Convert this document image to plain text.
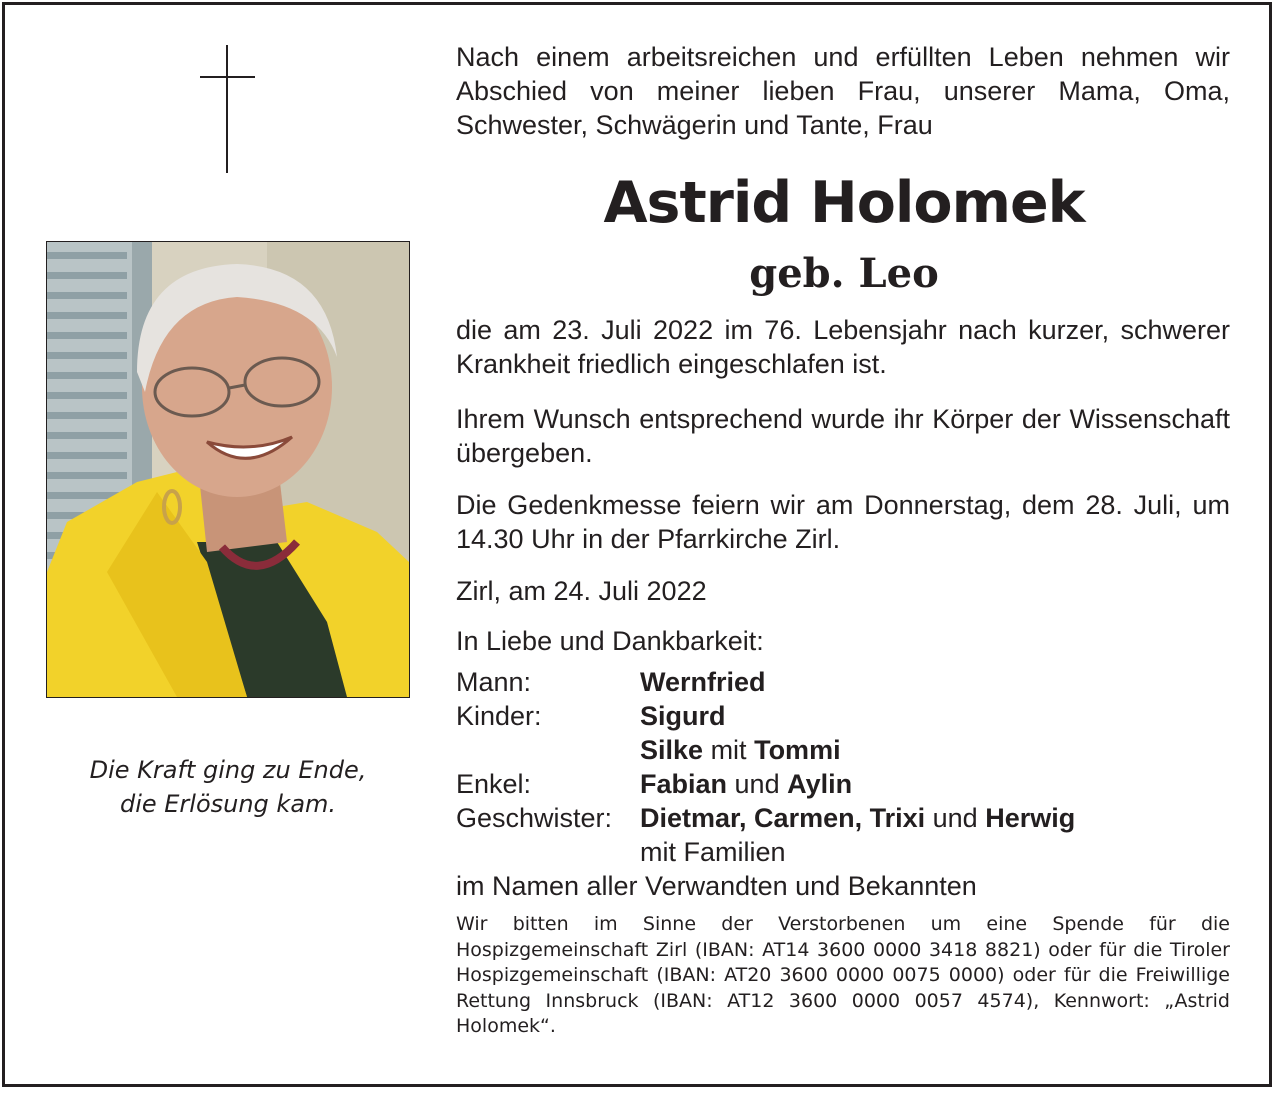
Die Kraft ging zu Ende,
die Erlösung kam.
Nach einem arbeitsreichen und erfüllten Leben nehmen wir Abschied von meiner lieben Frau, unserer Mama, Oma, Schwester, Schwägerin und Tante, Frau
Astrid Holomek
geb. Leo
die am 23. Juli 2022 im 76. Lebensjahr nach kurzer, schwerer Krankheit friedlich eingeschlafen ist.
Ihrem Wunsch entsprechend wurde ihr Körper der Wissenschaft übergeben.
Die Gedenkmesse feiern wir am Donnerstag, dem 28. Juli, um 14.30 Uhr in der Pfarrkirche Zirl.
Zirl, am 24. Juli 2022
In Liebe und Dankbarkeit:
Mann:	Wernfried
Kinder:	Sigurd
Silke mit Tommi
Enkel:	Fabian und Aylin
Geschwister:	Dietmar, Carmen, Trixi und Herwig
mit Familien
im Namen aller Verwandten und Bekannten
Wir bitten im Sinne der Verstorbenen um eine Spende für die Hospizgemeinschaft Zirl (IBAN: AT14 3600 0000 3418 8821) oder für die Tiroler Hospizgemeinschaft (IBAN: AT20 3600 0000 0075 0000) oder für die Freiwillige Rettung Innsbruck (IBAN: AT12 3600 0000 0057 4574), Kennwort: „Astrid Holomek“.
